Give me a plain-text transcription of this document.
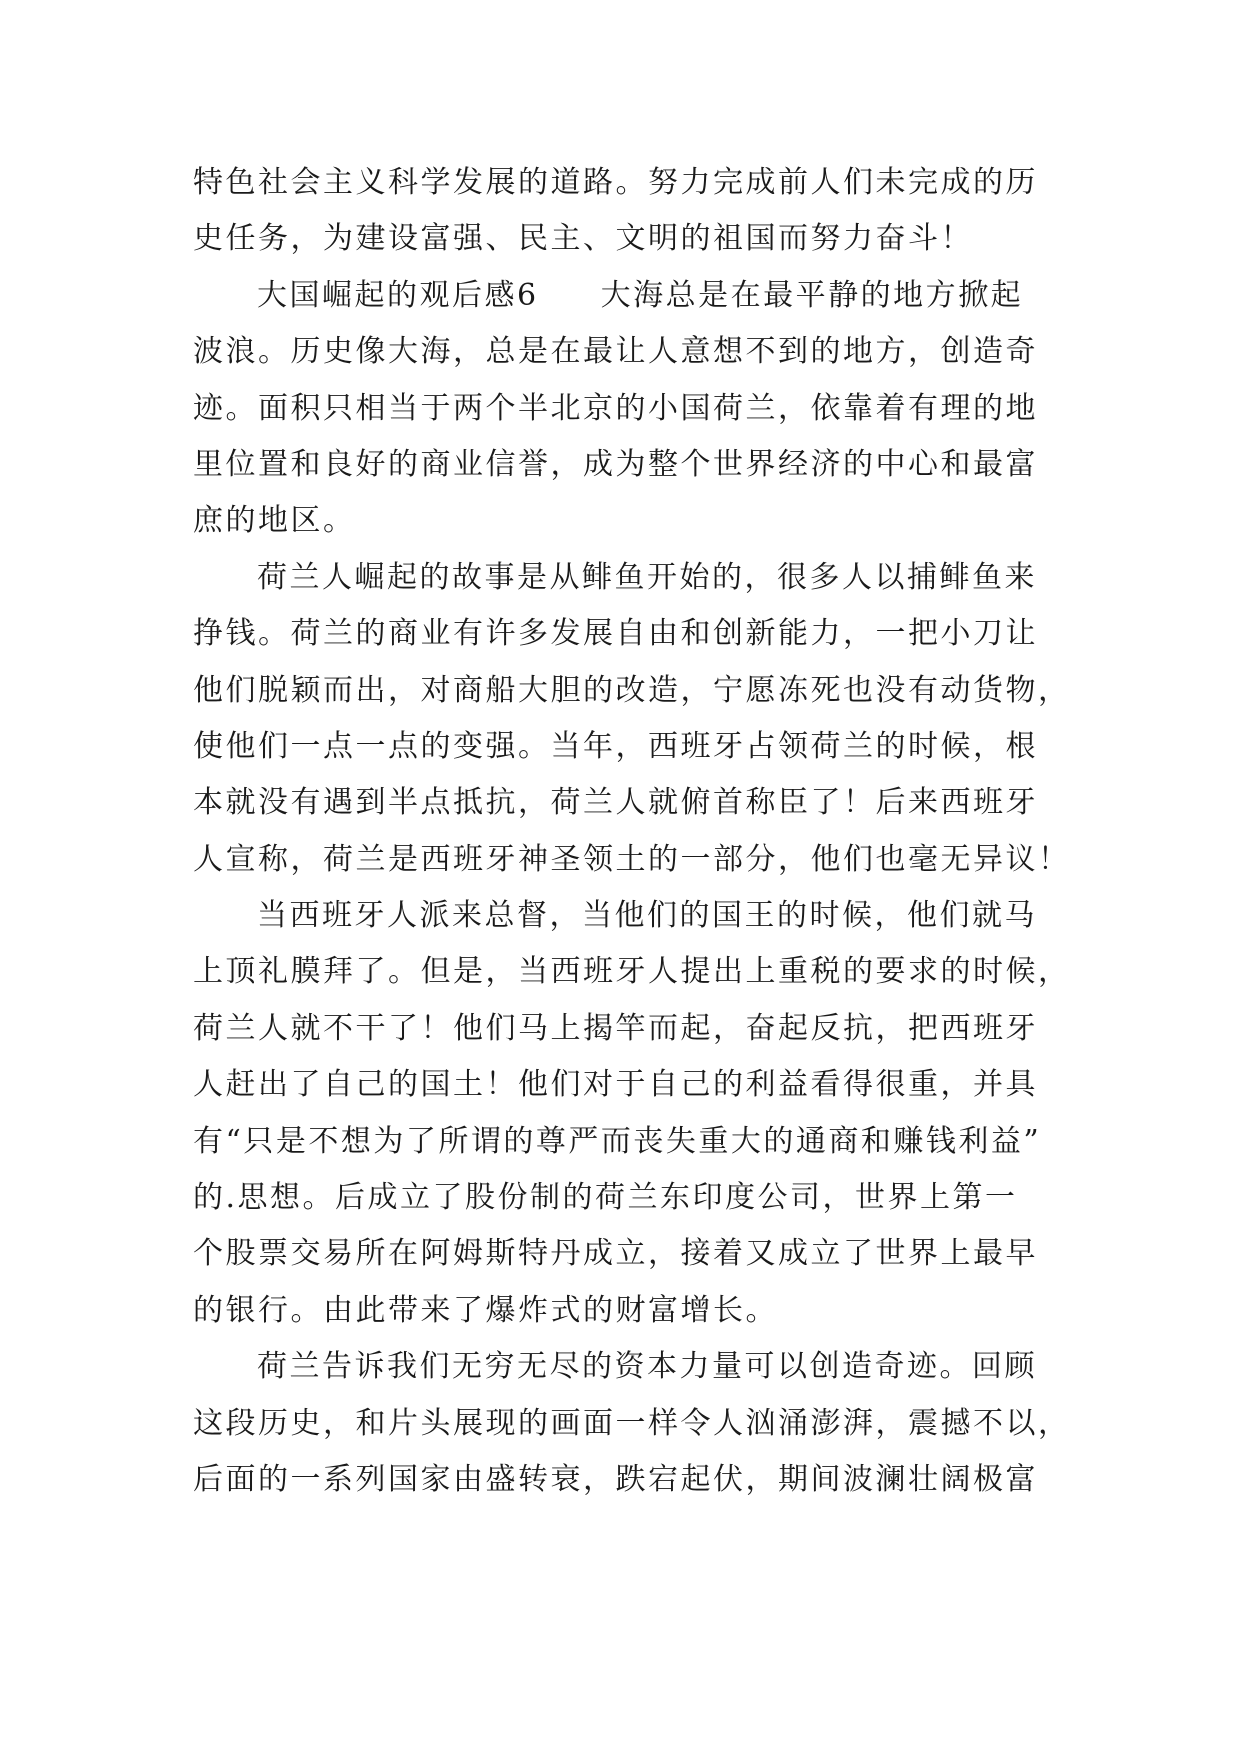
特色社会主义科学发展的道路。努力完成前人们未完成的历
史任务，为建设富强、民主、文明的祖国而努力奋斗！
大国崛起的观后感6 大海总是在最平静的地方掀起
波浪。历史像大海，总是在最让人意想不到的地方，创造奇
迹。面积只相当于两个半北京的小国荷兰，依靠着有理的地
里位置和良好的商业信誉，成为整个世界经济的中心和最富
庶的地区。
荷兰人崛起的故事是从鲱鱼开始的，很多人以捕鲱鱼来
挣钱。荷兰的商业有许多发展自由和创新能力，一把小刀让
他们脱颖而出，对商船大胆的改造，宁愿冻死也没有动货物，
使他们一点一点的变强。当年，西班牙占领荷兰的时候，根
本就没有遇到半点抵抗，荷兰人就俯首称臣了！后来西班牙
人宣称，荷兰是西班牙神圣领土的一部分，他们也毫无异议！
当西班牙人派来总督，当他们的国王的时候，他们就马
上顶礼膜拜了。但是，当西班牙人提出上重税的要求的时候，
荷兰人就不干了！他们马上揭竿而起，奋起反抗，把西班牙
人赶出了自己的国土！他们对于自己的利益看得很重，并具
有“只是不想为了所谓的尊严而丧失重大的通商和赚钱利益”
的.思想。后成立了股份制的荷兰东印度公司，世界上第一
个股票交易所在阿姆斯特丹成立，接着又成立了世界上最早
的银行。由此带来了爆炸式的财富增长。
荷兰告诉我们无穷无尽的资本力量可以创造奇迹。回顾
这段历史，和片头展现的画面一样令人汹涌澎湃，震撼不以，
后面的一系列国家由盛转衰，跌宕起伏，期间波澜壮阔极富
